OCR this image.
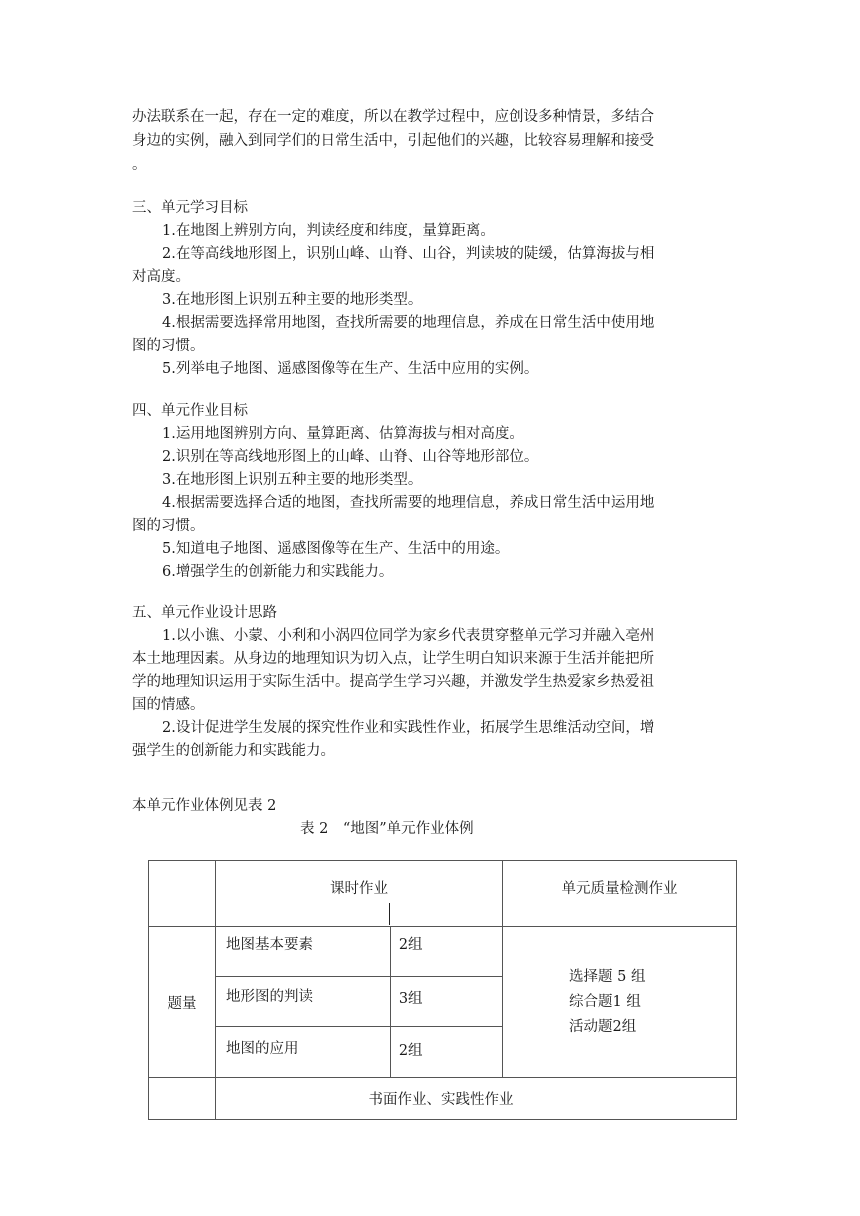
办法联系在一起，存在一定的难度，所以在教学过程中，应创设多种情景，多结合
身边的实例，融入到同学们的日常生活中，引起他们的兴趣，比较容易理解和接受
。
三、单元学习目标
1.在地图上辨别方向，判读经度和纬度，量算距离。
2.在等高线地形图上，识别山峰、山脊、山谷，判读坡的陡缓，估算海拔与相
对高度。
3.在地形图上识别五种主要的地形类型。
4.根据需要选择常用地图，查找所需要的地理信息，养成在日常生活中使用地
图的习惯。
5.列举电子地图、遥感图像等在生产、生活中应用的实例。
四、单元作业目标
1.运用地图辨别方向、量算距离、估算海拔与相对高度。
2.识别在等高线地形图上的山峰、山脊、山谷等地形部位。
3.在地形图上识别五种主要的地形类型。
4.根据需要选择合适的地图，查找所需要的地理信息，养成日常生活中运用地
图的习惯。
5.知道电子地图、遥感图像等在生产、生活中的用途。
6.增强学生的创新能力和实践能力。
五、单元作业设计思路
1.以小谯、小蒙、小利和小涡四位同学为家乡代表贯穿整单元学习并融入亳州
本土地理因素。从身边的地理知识为切入点，让学生明白知识来源于生活并能把所
学的地理知识运用于实际生活中。提高学生学习兴趣，并激发学生热爱家乡热爱祖
国的情感。
2.设计促进学生发展的探究性作业和实践性作业，拓展学生思维活动空间，增
强学生的创新能力和实践能力。
本单元作业体例见表 2
表 2　“地图”单元作业体例
	课时作业		单元质量检测作业
题量	地图基本要素	2组	选择题 5 组
综合题1 组
活动题2组

	地形图的判读	3组	
	地图的应用	2组	
	书面作业、实践性作业		
